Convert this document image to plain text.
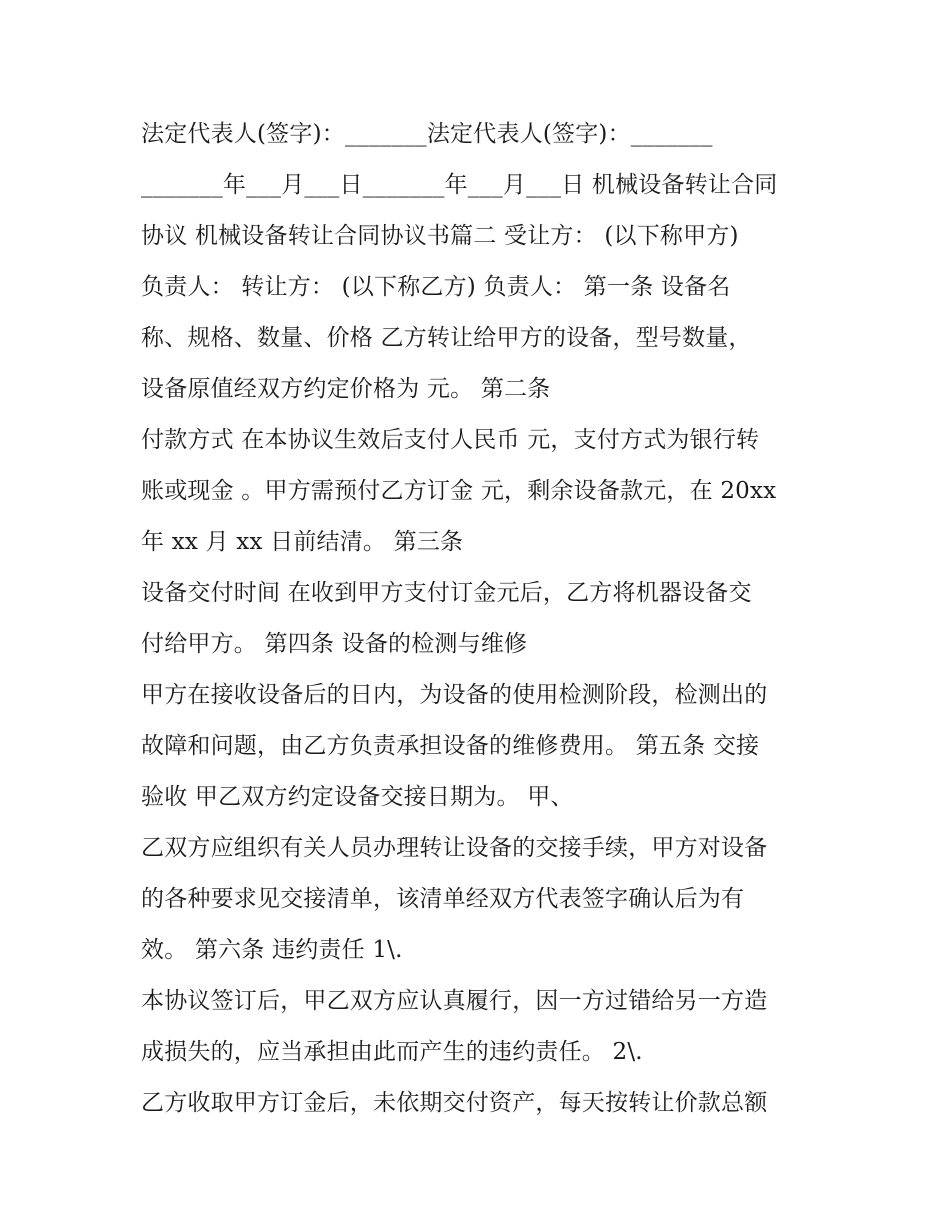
法定代表人(签字)：_______法定代表人(签字)：_______
_______年___月___日_______年___月___日 机械设备转让合同
协议 机械设备转让合同协议书篇二 受让方： (以下称甲方)
负责人： 转让方： (以下称乙方) 负责人： 第一条 设备名
称、规格、数量、价格 乙方转让给甲方的设备，型号数量，
设备原值经双方约定价格为 元。 第二条
付款方式 在本协议生效后支付人民币 元，支付方式为银行转
账或现金 。甲方需预付乙方订金 元，剩余设备款元，在 20xx
年 xx 月 xx 日前结清。 第三条
设备交付时间 在收到甲方支付订金元后，乙方将机器设备交
付给甲方。 第四条 设备的检测与维修
甲方在接收设备后的日内，为设备的使用检测阶段，检测出的
故障和问题，由乙方负责承担设备的维修费用。 第五条 交接
验收 甲乙双方约定设备交接日期为。 甲、
乙双方应组织有关人员办理转让设备的交接手续，甲方对设备
的各种要求见交接清单，该清单经双方代表签字确认后为有
效。 第六条 违约责任 1\.
本协议签订后，甲乙双方应认真履行，因一方过错给另一方造
成损失的，应当承担由此而产生的违约责任。 2\.
乙方收取甲方订金后，未依期交付资产，每天按转让价款总额
